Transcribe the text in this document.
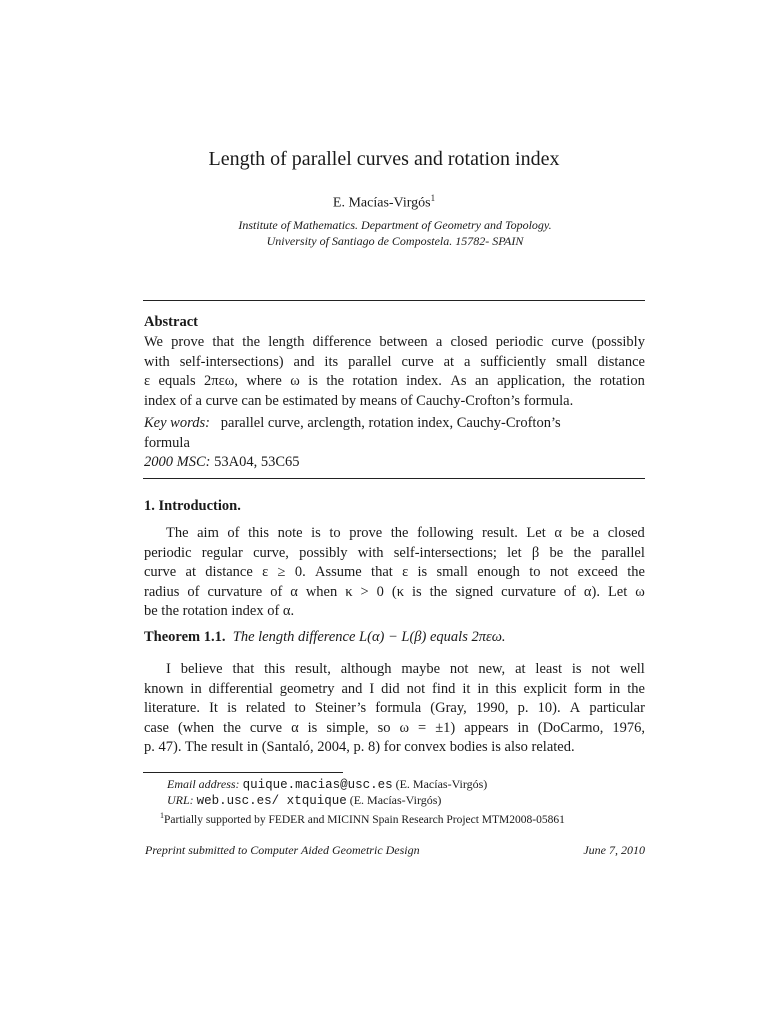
Length of parallel curves and rotation index
E. Macías-Virgós$^1$
Institute of Mathematics. Department of Geometry and Topology.
University of Santiago de Compostela. 15782- SPAIN
Abstract
We prove that the length difference between a closed periodic curve (possibly
with self-intersections) and its parallel curve at a sufficiently small distance
ε equals 2πεω, where ω is the rotation index. As an application, the rotation
index of a curve can be estimated by means of Cauchy-Crofton’s formula.
Key words: parallel curve, arclength, rotation index, Cauchy-Crofton’s
formula
2000 MSC: 53A04, 53C65
1. Introduction.
The aim of this note is to prove the following result. Let α be a closed
periodic regular curve, possibly with self-intersections; let β be the parallel
curve at distance ε ≥ 0. Assume that ε is small enough to not exceed the
radius of curvature of α when κ > 0 (κ is the signed curvature of α). Let ω
be the rotation index of α.
Theorem 1.1. The length difference L(α) − L(β) equals 2πεω.
I believe that this result, although maybe not new, at least is not well
known in differential geometry and I did not find it in this explicit form in the
literature. It is related to Steiner’s formula (Gray, 1990, p. 10). A particular
case (when the curve α is simple, so ω = ±1) appears in (DoCarmo, 1976,
p. 47). The result in (Santaló, 2004, p. 8) for convex bodies is also related.
Email address: quique.macias@usc.es (E. Macías-Virgós)
URL: web.usc.es/ xtquique (E. Macías-Virgós)
$^1$Partially supported by FEDER and MICINN Spain Research Project MTM2008-05861
Preprint submitted to Computer Aided Geometric Design	June 7, 2010
